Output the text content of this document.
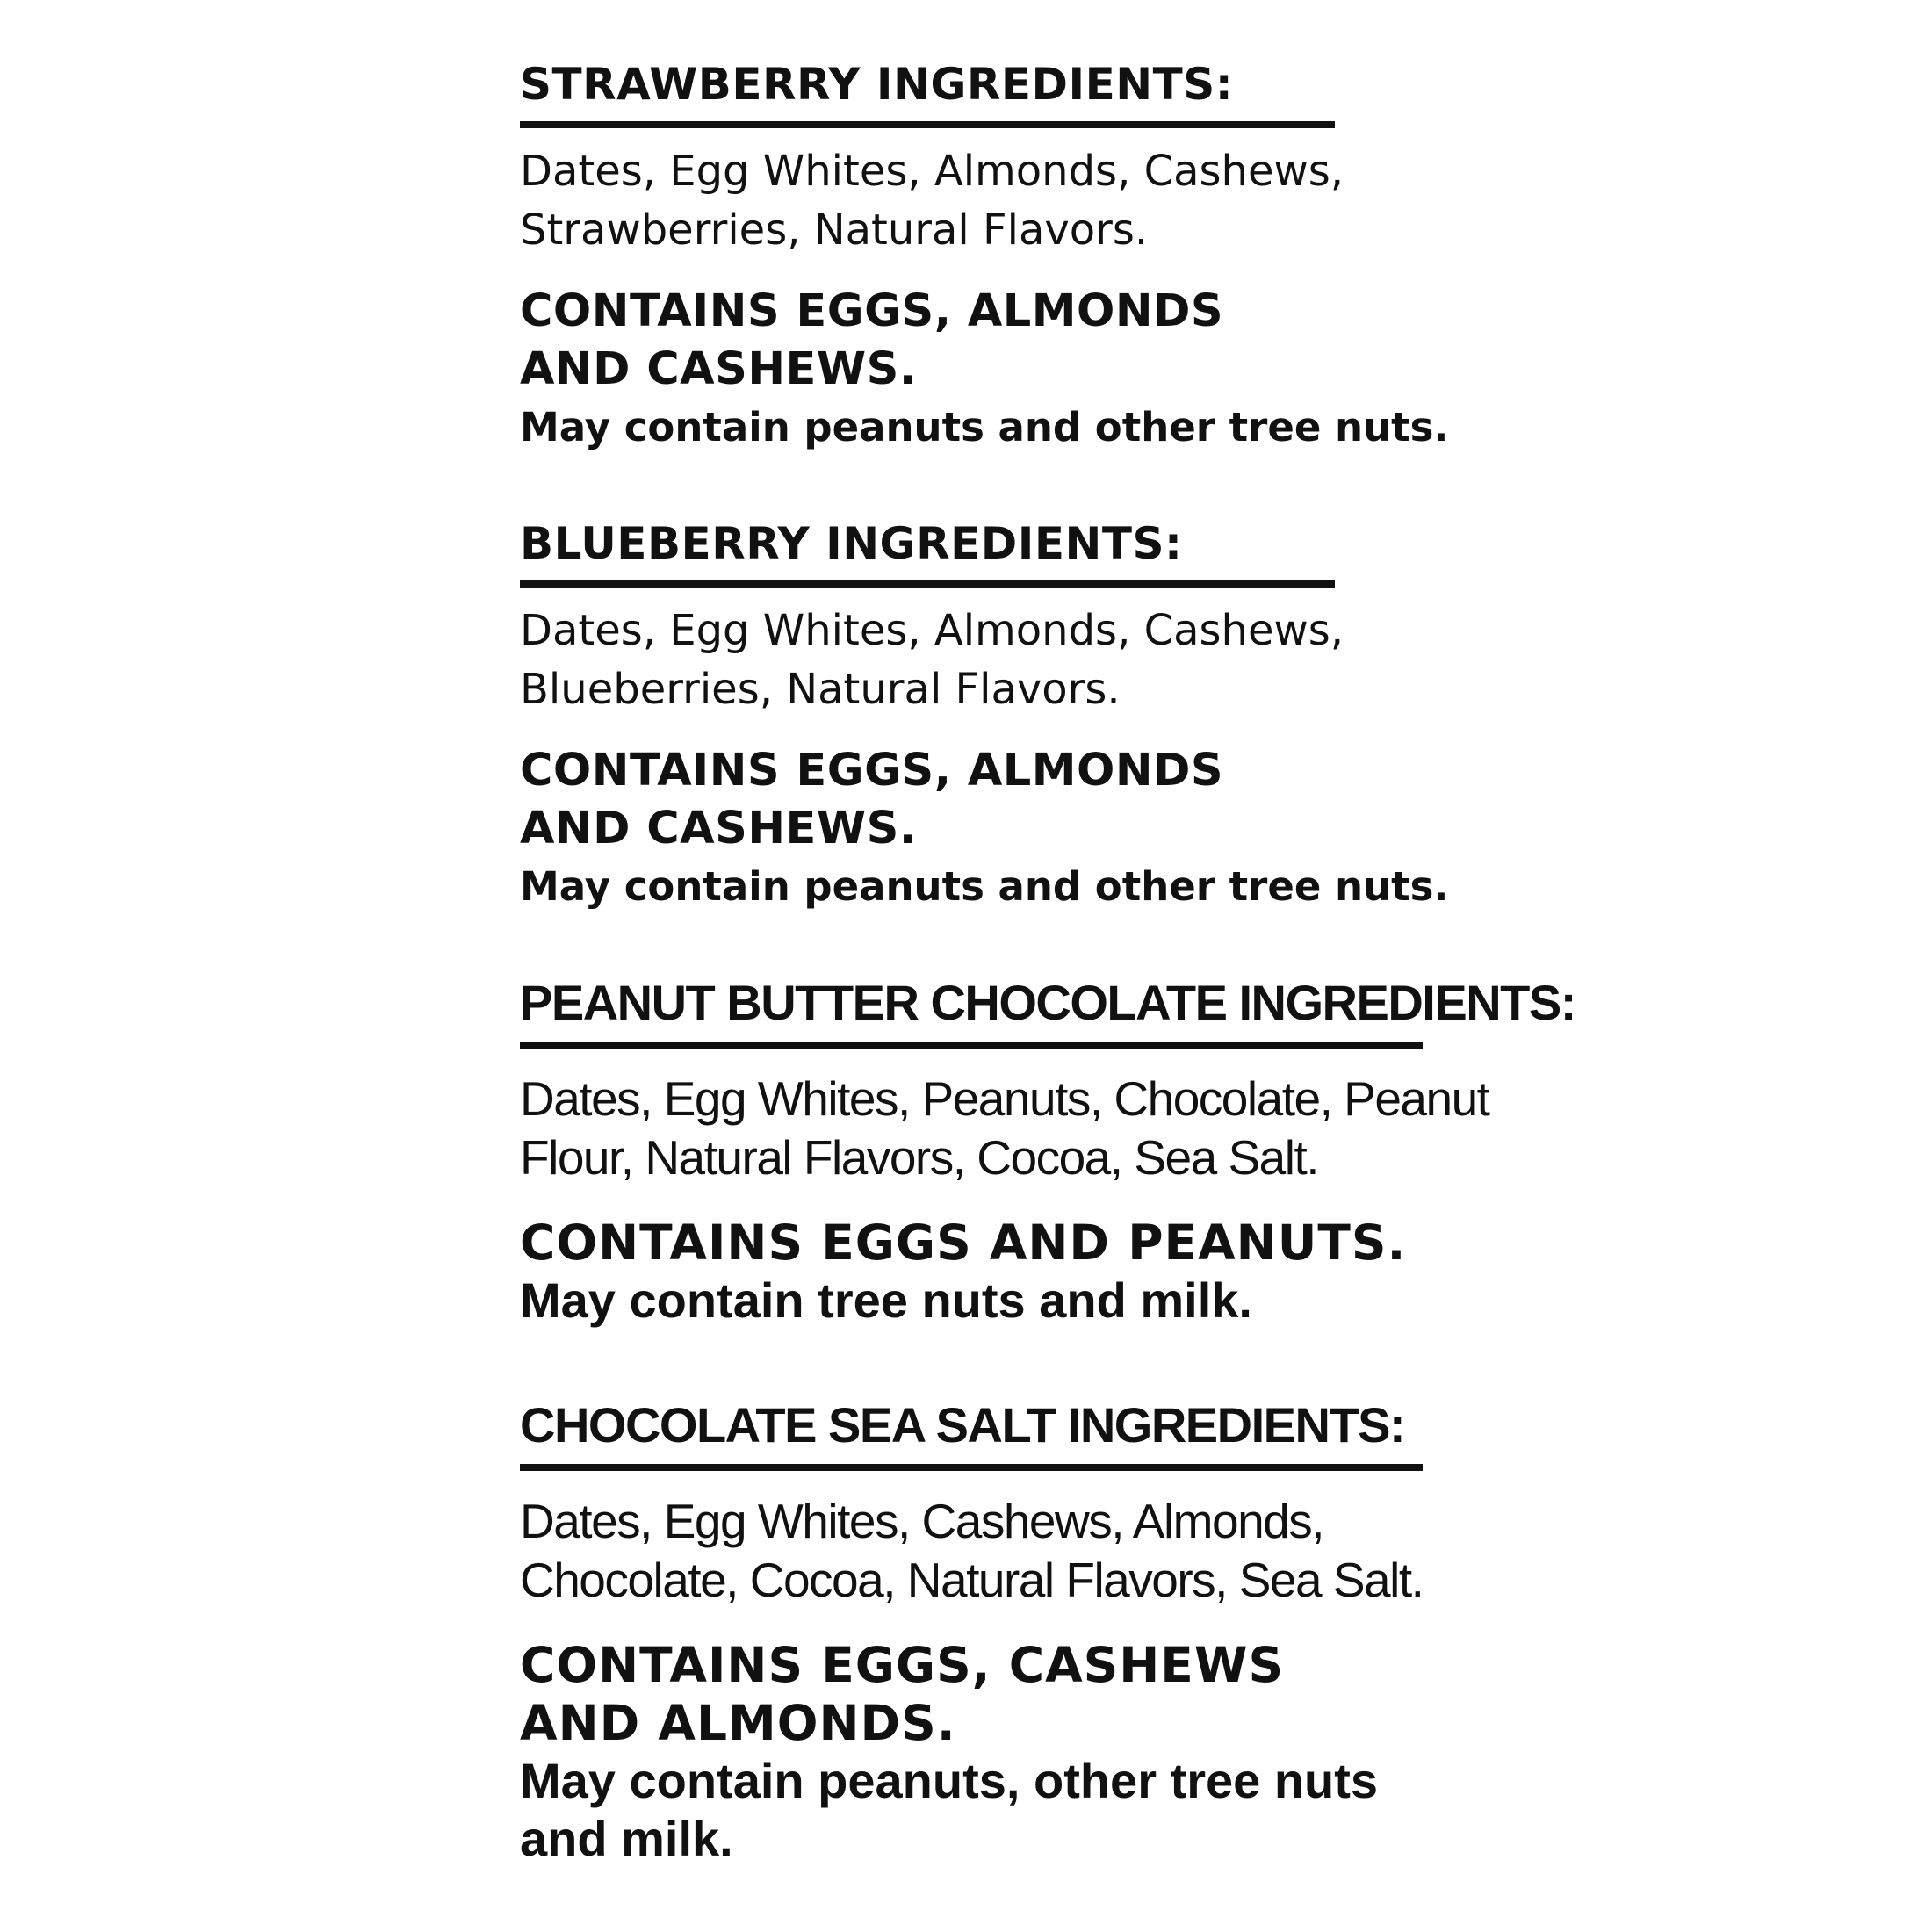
STRAWBERRY INGREDIENTS:
Dates, Egg Whites, Almonds, Cashews,
Strawberries, Natural Flavors.
CONTAINS EGGS, ALMONDS
AND CASHEWS.
May contain peanuts and other tree nuts.
BLUEBERRY INGREDIENTS:
Dates, Egg Whites, Almonds, Cashews,
Blueberries, Natural Flavors.
CONTAINS EGGS, ALMONDS
AND CASHEWS.
May contain peanuts and other tree nuts.
PEANUT BUTTER CHOCOLATE INGREDIENTS:
Dates, Egg Whites, Peanuts, Chocolate, Peanut
Flour, Natural Flavors, Cocoa, Sea Salt.
CONTAINS EGGS AND PEANUTS.
May contain tree nuts and milk.
CHOCOLATE SEA SALT INGREDIENTS:
Dates, Egg Whites, Cashews, Almonds,
Chocolate, Cocoa, Natural Flavors, Sea Salt.
CONTAINS EGGS, CASHEWS
AND ALMONDS.
May contain peanuts, other tree nuts
and milk.
